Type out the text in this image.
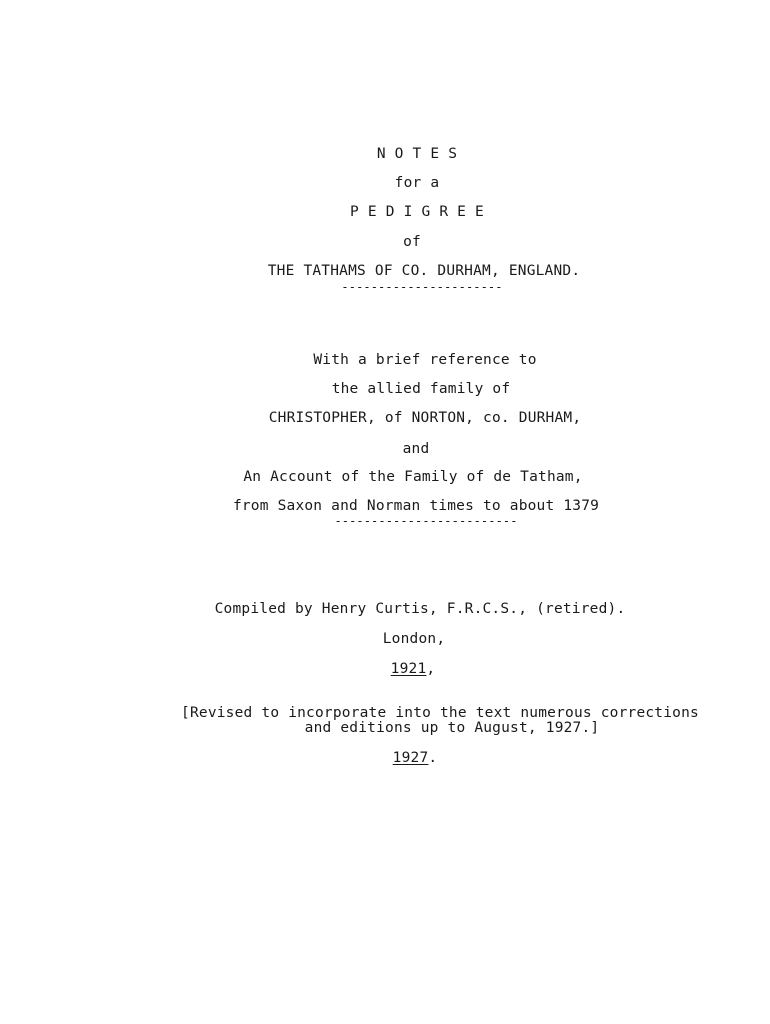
N O T E S
for a
P E D I G R E E
of
THE TATHAMS OF CO. DURHAM, ENGLAND.
----------------------
With a brief reference to
the allied family of
CHRISTOPHER, of NORTON, co. DURHAM,
and
An Account of the Family of de Tatham,
from Saxon and Norman times to about 1379
-------------------------
Compiled by Henry Curtis, F.R.C.S., (retired).
London,
1921,
[Revised to incorporate into the text numerous corrections
and editions up to August, 1927.]
1927.
